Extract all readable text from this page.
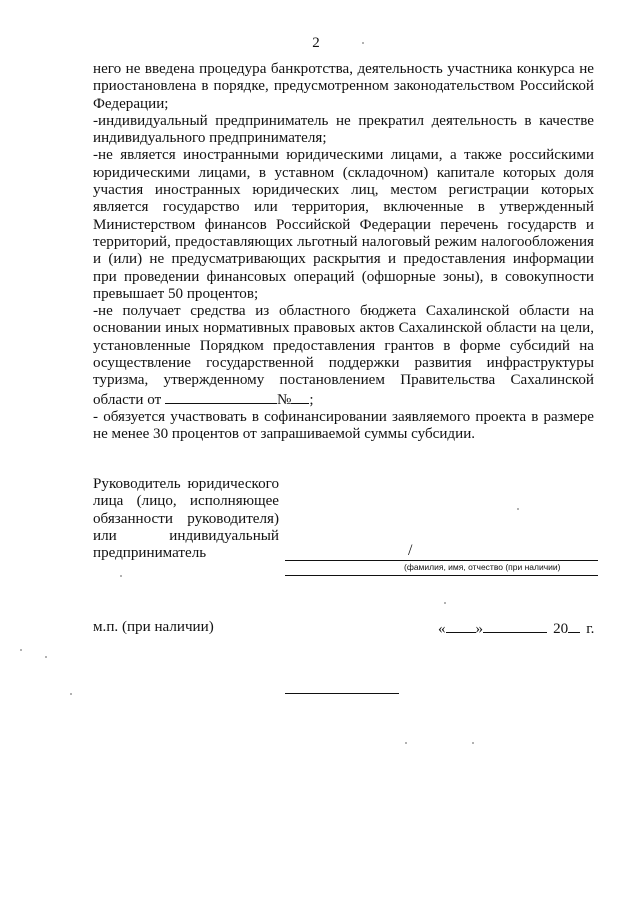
2

него не введена процедура банкротства, деятельность участника конкурса не приостановлена в порядке, предусмотренном законодательством Российской Федерации;

-индивидуальный предприниматель не прекратил деятельность в качестве индивидуального предпринимателя;

-не является иностранными юридическими лицами, а также российскими юридическими лицами, в уставном (складочном) капитале которых доля участия иностранных юридических лиц, местом регистрации которых является государство или территория, включенные в утвержденный Министерством финансов Российской Федерации перечень государств и территорий, предоставляющих льготный налоговый режим налогообложения и (или) не предусматривающих раскрытия и предоставления информации при проведении финансовых операций (офшорные зоны), в совокупности превышает 50 процентов;

-не получает средства из областного бюджета Сахалинской области на основании иных нормативных правовых актов Сахалинской области на цели, установленные Порядком предоставления грантов в форме субсидий на осуществление государственной поддержки развития инфраструктуры туризма, утвержденному постановлением Правительства Сахалинской области от	№ ;

- обязуется участвовать в софинансировании заявляемого проекта в размере не менее 30 процентов от запрашиваемой суммы субсидии.

Руководитель юридического лица (лицо, исполняющее обязанности руководителя) или индивидуальный предприниматель	/
(фамилия, имя, отчество (при наличии)
м.п. (при наличии)	« »	20 г.
